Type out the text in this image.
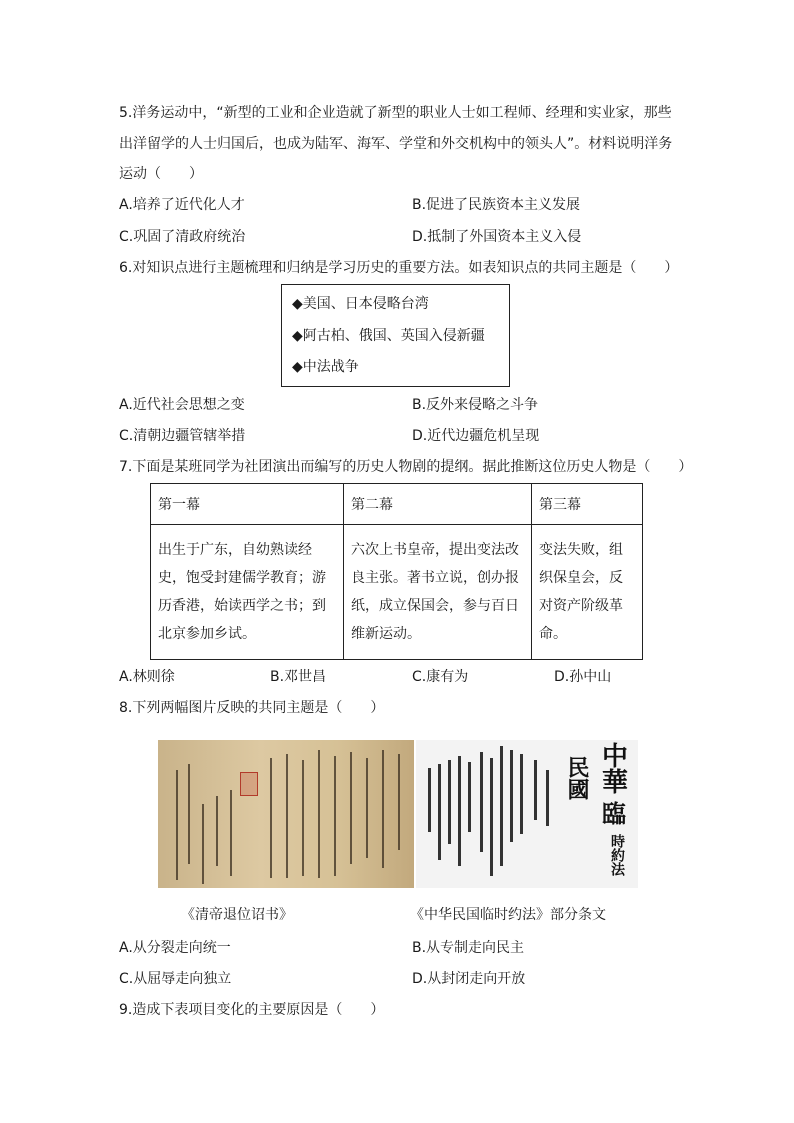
5.洋务运动中，“新型的工业和企业造就了新型的职业人士如工程师、经理和实业家，那些
出洋留学的人士归国后，也成为陆军、海军、学堂和外交机构中的领头人”。材料说明洋务
运动（　　）
A.培养了近代化人才	B.促进了民族资本主义发展
C.巩固了清政府统治	D.抵制了外国资本主义入侵
6.对知识点进行主题梳理和归纳是学习历史的重要方法。如表知识点的共同主题是（　　）
◆美国、日本侵略台湾
◆阿古柏、俄国、英国入侵新疆
◆中法战争
A.近代社会思想之变	B.反外来侵略之斗争
C.清朝边疆管辖举措	D.近代边疆危机呈现
7.下面是某班同学为社团演出而编写的历史人物剧的提纲。据此推断这位历史人物是（　　）
第一幕	第二幕	第三幕
出生于广东，自幼熟读经史，饱受封建儒学教育；游历香港，始读西学之书；到北京参加乡试。	六次上书皇帝，提出变法改良主张。著书立说，创办报纸，成立保国会，参与百日维新运动。	变法失败，组织保皇会，反对资产阶级革命。
A.林则徐	B.邓世昌	C.康有为	D.孙中山
8.下列两幅图片反映的共同主题是（　　）
中華
民國
臨
時約法
《清帝退位诏书》	《中华民国临时约法》部分条文
A.从分裂走向统一	B.从专制走向民主
C.从屈辱走向独立	D.从封闭走向开放
9.造成下表项目变化的主要原因是（　　）
